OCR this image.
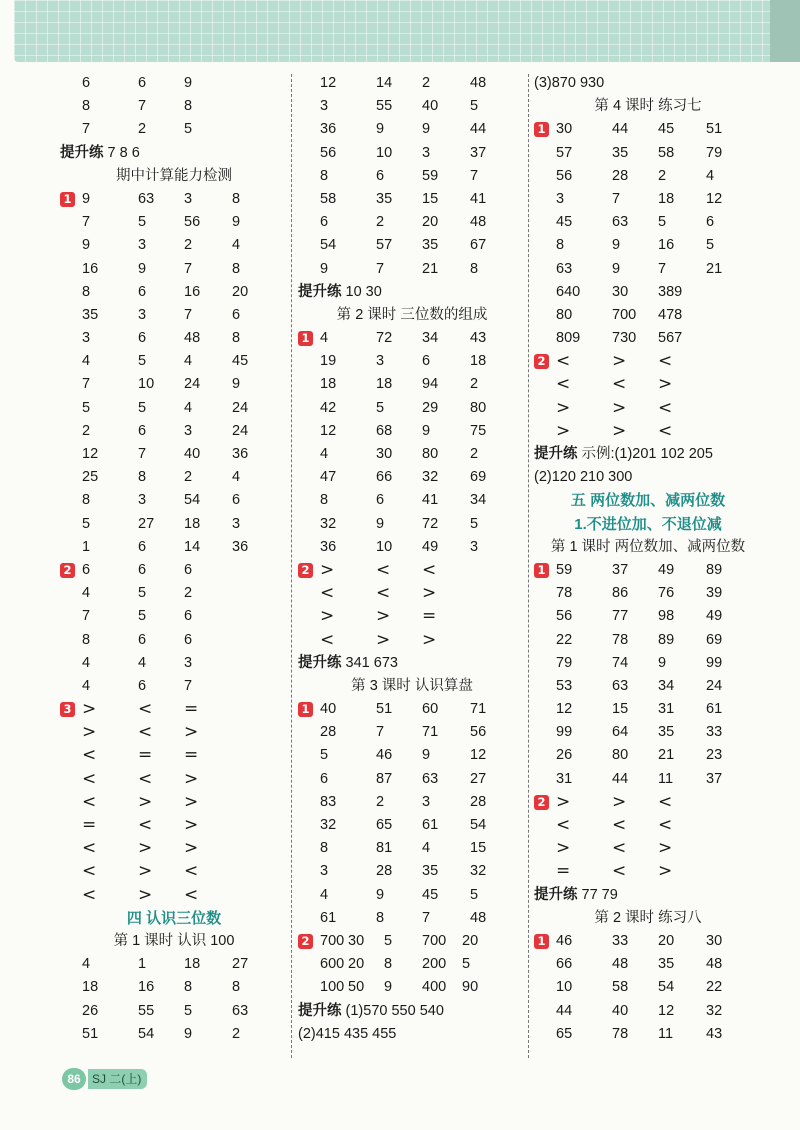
6	6	9
8	7	8
7	2	5
提升练 7 8 6
期中计算能力检测
1 9	63 3	8
7	5	56 9
9	3	2	4
16	9	7	8
8	6	16 20
35	3	7	6
3	6	48 8
4	5	4	45
7	10 24 9
5	5	4	24
2	6	3	24
12	7	40 36
25	8	2	4
8	3	54 6
5	27 18 3
1	6	14 36
2 6	6	6
4	5	2
7	5	6
8	6	6
4	4	3
4	6	7
3 > < =
> < >
< = =
< < >
< > >
= < >
< > >
< > <
< > <
四 认识三位数
第 1 课时 认识 100
4	1	18 27
18	16 8	8
26	55 5	63
51	54 9	2
12	14 2	48
3	55 40 5
36	9	9	44
56	10 3	37
8	6	59 7
58	35 15 41
6	2	20 48
54	57 35 67
9	7	21 8
提升练 10 30
第 2 课时 三位数的组成
1 4	72 34 43
19	3	6	18
18	18 94 2
42	5	29 80
12	68 9	75
4	30 80 2
47	66 32 69
8	6	41 34
32	9	72 5
36	10 49 3
2 > < <
< < >
> > =
< > >
提升练 341 673
第 3 课时 认识算盘
1 40	51 60 71
28	7	71 56
5	46 9	12
6	87 63 27
83	2	3	28
32	65 61 54
8	81 4	15
3	28 35 32
4	9	45 5
61	8	7	48
2 700 30 5 700 20
600 20 8 200 5
100 50 9 400 90
提升练 (1)570 550 540
(2)415 435 455
(3)870 930
第 4 课时 练习七
1 30	44 45 51
57	35 58 79
56	28 2	4
3	7	18 12
45	63 5	6
8	9	16 5
63	9	7	21
640 30 389
80	700 478
809 730 567
2 < > <
< < >
> > <
> > <
提升练 示例:(1)201 102 205
(2)120 210 300
五 两位数加、减两位数
1.不进位加、不退位减
第 1 课时 两位数加、减两位数
1 59	37 49 89
78	86 76 39
56	77 98 49
22	78 89 69
79	74 9	99
53	63 34 24
12	15 31 61
99	64 35 33
26	80 21 23
31	44 11 37
2 > > <
< < <
> < >
= < >
提升练 77 79
第 2 课时 练习八
1 46	33 20 30
66	48 35 48
10	58 54 22
44	40 12 32
65	78 11 43
86 SJ 二(上)
